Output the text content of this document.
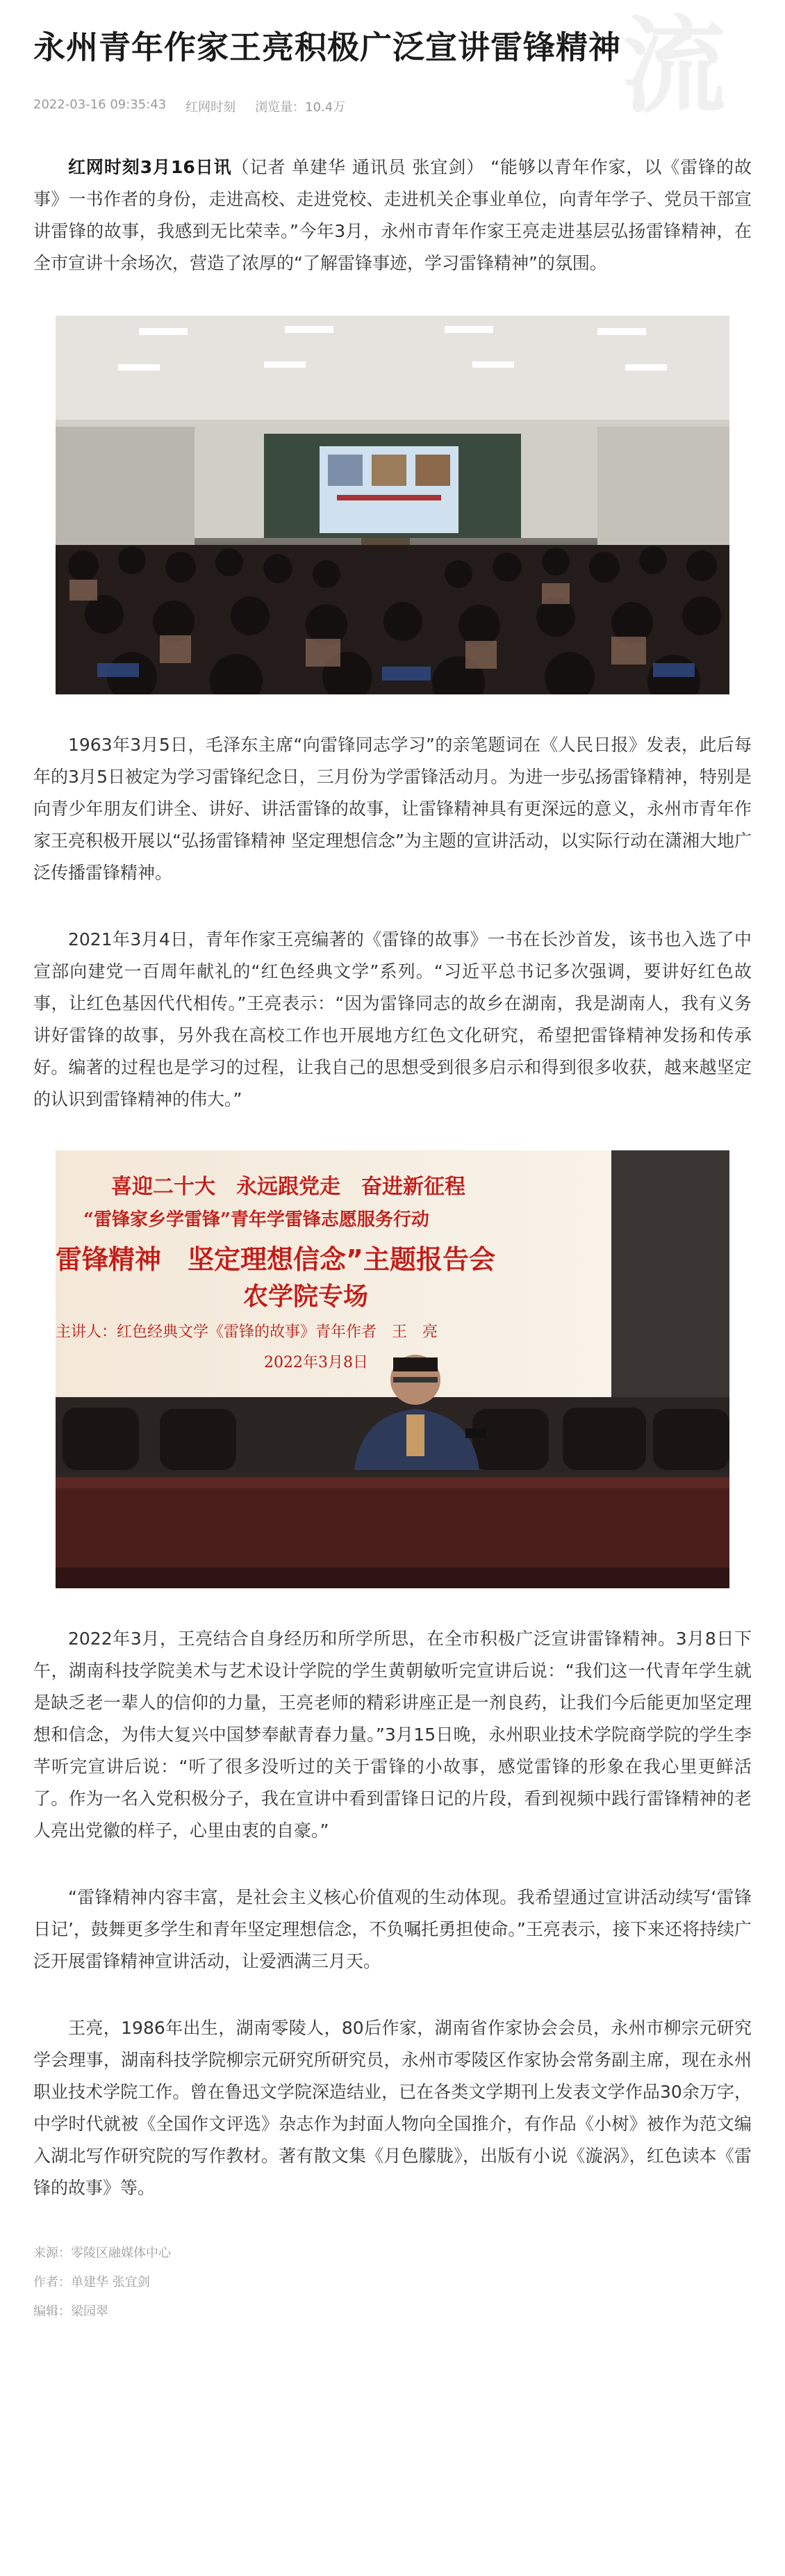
流
永州青年作家王亮积极广泛宣讲雷锋精神
2022-03-16 09:35:43 红网时刻 浏览量：10.4万

红网时刻3月16日讯（记者 单建华 通讯员 张宜剑） “能够以青年作家，以《雷锋的故事》一书作者的身份，走进高校、走进党校、走进机关企事业单位，向青年学子、党员干部宣讲雷锋的故事，我感到无比荣幸。”今年3月，永州市青年作家王亮走进基层弘扬雷锋精神，在全市宣讲十余场次，营造了浓厚的“了解雷锋事迹，学习雷锋精神”的氛围。

1963年3月5日，毛泽东主席“向雷锋同志学习”的亲笔题词在《人民日报》发表，此后每年的3月5日被定为学习雷锋纪念日，三月份为学雷锋活动月。为进一步弘扬雷锋精神，特别是向青少年朋友们讲全、讲好、讲活雷锋的故事，让雷锋精神具有更深远的意义，永州市青年作家王亮积极开展以“弘扬雷锋精神 坚定理想信念”为主题的宣讲活动，以实际行动在潇湘大地广泛传播雷锋精神。

2021年3月4日，青年作家王亮编著的《雷锋的故事》一书在长沙首发，该书也入选了中宣部向建党一百周年献礼的“红色经典文学”系列。“习近平总书记多次强调，要讲好红色故事，让红色基因代代相传。”王亮表示：“因为雷锋同志的故乡在湖南，我是湖南人，我有义务讲好雷锋的故事，另外我在高校工作也开展地方红色文化研究，希望把雷锋精神发扬和传承好。编著的过程也是学习的过程，让我自己的思想受到很多启示和得到很多收获，越来越坚定的认识到雷锋精神的伟大。”

喜迎二十大　永远跟党走　奋进新征程
“雷锋家乡学雷锋”青年学雷锋志愿服务行动
雷锋精神　坚定理想信念”主题报告会
农学院专场
主讲人：红色经典文学《雷锋的故事》青年作者　王　亮
2022年3月8日

2022年3月，王亮结合自身经历和所学所思，在全市积极广泛宣讲雷锋精神。3月8日下午，湖南科技学院美术与艺术设计学院的学生黄朝敏听完宣讲后说：“我们这一代青年学生就是缺乏老一辈人的信仰的力量，王亮老师的精彩讲座正是一剂良药，让我们今后能更加坚定理想和信念，为伟大复兴中国梦奉献青春力量。”3月15日晚，永州职业技术学院商学院的学生李芊听完宣讲后说：“听了很多没听过的关于雷锋的小故事，感觉雷锋的形象在我心里更鲜活了。作为一名入党积极分子，我在宣讲中看到雷锋日记的片段，看到视频中践行雷锋精神的老人亮出党徽的样子，心里由衷的自豪。”

“雷锋精神内容丰富，是社会主义核心价值观的生动体现。我希望通过宣讲活动续写‘雷锋日记’，鼓舞更多学生和青年坚定理想信念，不负嘱托勇担使命。”王亮表示，接下来还将持续广泛开展雷锋精神宣讲活动，让爱洒满三月天。

王亮，1986年出生，湖南零陵人，80后作家，湖南省作家协会会员，永州市柳宗元研究学会理事，湖南科技学院柳宗元研究所研究员，永州市零陵区作家协会常务副主席，现在永州职业技术学院工作。曾在鲁迅文学院深造结业，已在各类文学期刊上发表文学作品30余万字，中学时代就被《全国作文评选》杂志作为封面人物向全国推介，有作品《小树》被作为范文编入湖北写作研究院的写作教材。著有散文集《月色朦胧》，出版有小说《漩涡》，红色读本《雷锋的故事》等。

来源：零陵区融媒体中心
作者：单建华 张宜剑
编辑：梁园翠
